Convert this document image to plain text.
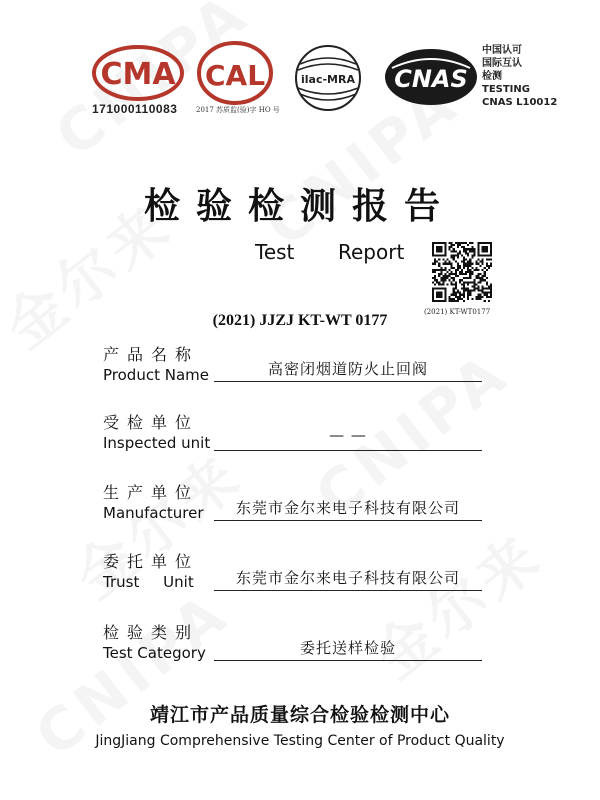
CMA
171000110083
CAL
2017 苏质监(验)字 HO 号
ilac-MRA CNAS
中国认可
国际互认
检测
TESTING
CNAS L10012
检验检测报告
Test Report
(2021) KT-WT0177
(2021) JJZJ KT-WT 0177
产品名称
Product Name	高密闭烟道防火止回阀
受检单位
Inspected unit	— —
生产单位
Manufacturer	东莞市金尔来电子科技有限公司
委托单位
Trust     Unit	东莞市金尔来电子科技有限公司
检验类别
Test Category	委托送样检验
靖江市产品质量综合检验检测中心
JingJiang Comprehensive Testing Center of Product Quality
